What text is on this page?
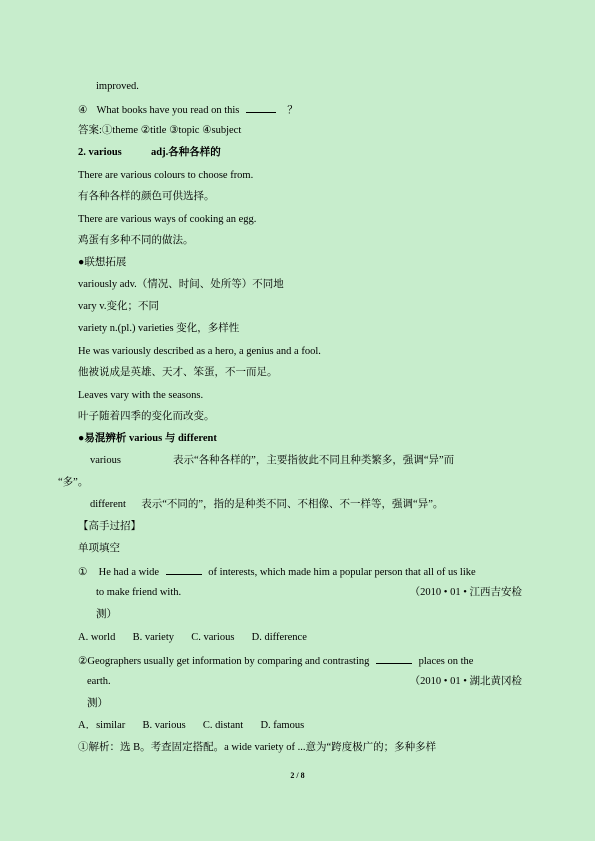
improved.
④ What books have you read on this	？
答案:①theme ②title ③topic ④subject
2. various	adj.各种各样的
There are various colours to choose from.
有各种各样的颜色可供选择。
There are various ways of cooking an egg.
鸡蛋有多种不同的做法。
●联想拓展
variously adv.（情况、时间、处所等）不同地
vary v.变化；不同
variety n.(pl.) varieties 变化，多样性
He was variously described as a hero, a genius and a fool.
他被说成是英雄、天才、笨蛋，不一而足。
Leaves vary with the seasons.
叶子随着四季的变化而改变。
●易混辨析 various 与 different
various	表示“各种各样的”，主要指彼此不同且种类繁多，强调“异”而
“多”。
different 表示“不同的”，指的是种类不同、不相像、不一样等，强调“异”。
【高手过招】
单项填空
① He had a wide	of interests, which made him a popular person that all of us like
to make friend with.	（2010 • 01 • 江西吉安检
测）
A. world B. variety C. various D. difference
②Geographers usually get information by comparing and contrasting	places on the
earth.	（2010 • 01 • 湖北黄冈检
测）
A．similar B. various C. distant D. famous
①解析：选 B。考查固定搭配。a wide variety of ...意为“跨度极广的；多种多样
2 / 8
